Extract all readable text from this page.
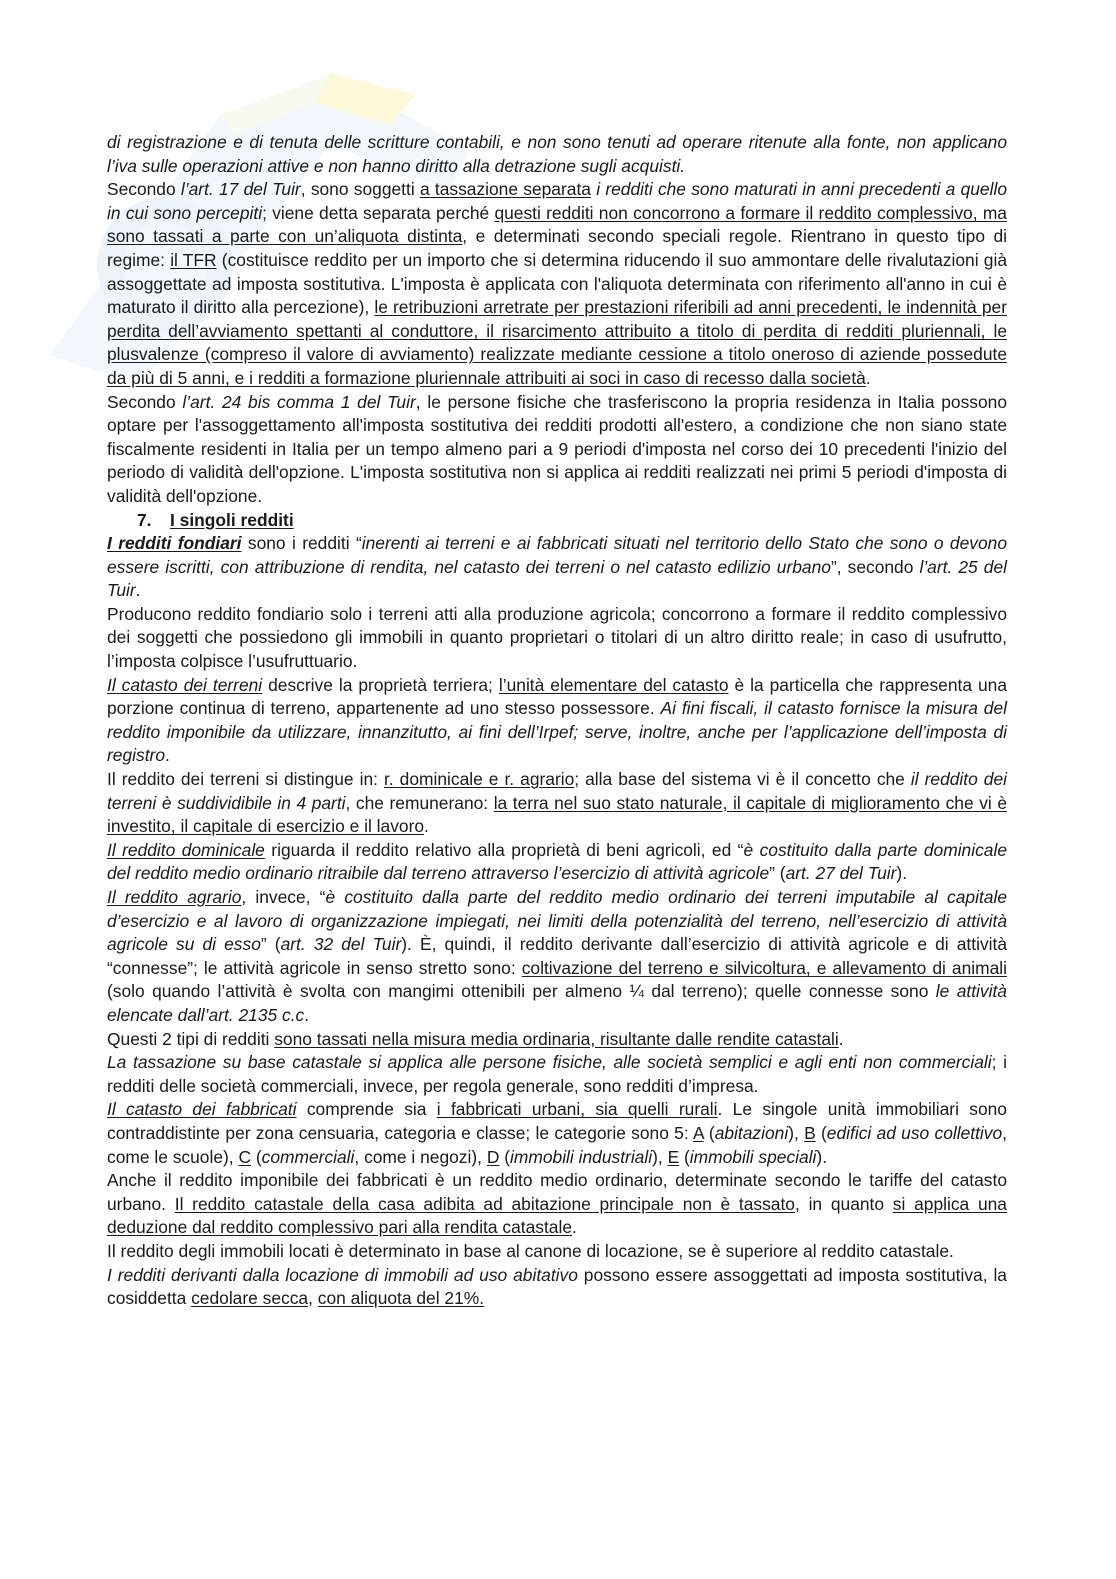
di registrazione e di tenuta delle scritture contabili, e non sono tenuti ad operare ritenute alla fonte, non applicano l’iva sulle operazioni attive e non hanno diritto alla detrazione sugli acquisti.

Secondo l’art. 17 del Tuir, sono soggetti a tassazione separata i redditi che sono maturati in anni precedenti a quello in cui sono percepiti; viene detta separata perché questi redditi non concorrono a formare il reddito complessivo, ma sono tassati a parte con un’aliquota distinta, e determinati secondo speciali regole. Rientrano in questo tipo di regime: il TFR (costituisce reddito per un importo che si determina riducendo il suo ammontare delle rivalutazioni già assoggettate ad imposta sostitutiva. L'imposta è applicata con l'aliquota determinata con riferimento all'anno in cui è maturato il diritto alla percezione), le retribuzioni arretrate per prestazioni riferibili ad anni precedenti, le indennità per perdita dell’avviamento spettanti al conduttore, il risarcimento attribuito a titolo di perdita di redditi pluriennali, le plusvalenze (compreso il valore di avviamento) realizzate mediante cessione a titolo oneroso di aziende possedute da più di 5 anni, e i redditi a formazione pluriennale attribuiti ai soci in caso di recesso dalla società.

Secondo l’art. 24 bis comma 1 del Tuir, le persone fisiche che trasferiscono la propria residenza in Italia possono optare per l'assoggettamento all'imposta sostitutiva dei redditi prodotti all'estero, a condizione che non siano state fiscalmente residenti in Italia per un tempo almeno pari a 9 periodi d'imposta nel corso dei 10 precedenti l'inizio del periodo di validità dell'opzione. L'imposta sostitutiva non si applica ai redditi realizzati nei primi 5 periodi d'imposta di validità dell'opzione.

7. I singoli redditi

I redditi fondiari sono i redditi “inerenti ai terreni e ai fabbricati situati nel territorio dello Stato che sono o devono essere iscritti, con attribuzione di rendita, nel catasto dei terreni o nel catasto edilizio urbano”, secondo l’art. 25 del Tuir.

Producono reddito fondiario solo i terreni atti alla produzione agricola; concorrono a formare il reddito complessivo dei soggetti che possiedono gli immobili in quanto proprietari o titolari di un altro diritto reale; in caso di usufrutto, l’imposta colpisce l’usufruttuario.

Il catasto dei terreni descrive la proprietà terriera; l’unità elementare del catasto è la particella che rappresenta una porzione continua di terreno, appartenente ad uno stesso possessore. Ai fini fiscali, il catasto fornisce la misura del reddito imponibile da utilizzare, innanzitutto, ai fini dell’Irpef; serve, inoltre, anche per l’applicazione dell’imposta di registro.

Il reddito dei terreni si distingue in: r. dominicale e r. agrario; alla base del sistema vi è il concetto che il reddito dei terreni è suddividibile in 4 parti, che remunerano: la terra nel suo stato naturale, il capitale di miglioramento che vi è investito, il capitale di esercizio e il lavoro.

Il reddito dominicale riguarda il reddito relativo alla proprietà di beni agricoli, ed “è costituito dalla parte dominicale del reddito medio ordinario ritraibile dal terreno attraverso l’esercizio di attività agricole” (art. 27 del Tuir).

Il reddito agrario, invece, “è costituito dalla parte del reddito medio ordinario dei terreni imputabile al capitale d’esercizio e al lavoro di organizzazione impiegati, nei limiti della potenzialità del terreno, nell’esercizio di attività agricole su di esso” (art. 32 del Tuir). È, quindi, il reddito derivante dall’esercizio di attività agricole e di attività “connesse”; le attività agricole in senso stretto sono: coltivazione del terreno e silvicoltura, e allevamento di animali (solo quando l’attività è svolta con mangimi ottenibili per almeno ¼ dal terreno); quelle connesse sono le attività elencate dall’art. 2135 c.c.

Questi 2 tipi di redditi sono tassati nella misura media ordinaria, risultante dalle rendite catastali.

La tassazione su base catastale si applica alle persone fisiche, alle società semplici e agli enti non commerciali; i redditi delle società commerciali, invece, per regola generale, sono redditi d’impresa.

Il catasto dei fabbricati comprende sia i fabbricati urbani, sia quelli rurali. Le singole unità immobiliari sono contraddistinte per zona censuaria, categoria e classe; le categorie sono 5: A (abitazioni), B (edifici ad uso collettivo, come le scuole), C (commerciali, come i negozi), D (immobili industriali), E (immobili speciali).

Anche il reddito imponibile dei fabbricati è un reddito medio ordinario, determinate secondo le tariffe del catasto urbano. Il reddito catastale della casa adibita ad abitazione principale non è tassato, in quanto si applica una deduzione dal reddito complessivo pari alla rendita catastale.

Il reddito degli immobili locati è determinato in base al canone di locazione, se è superiore al reddito catastale.

I redditi derivanti dalla locazione di immobili ad uso abitativo possono essere assoggettati ad imposta sostitutiva, la cosiddetta cedolare secca, con aliquota del 21%.
